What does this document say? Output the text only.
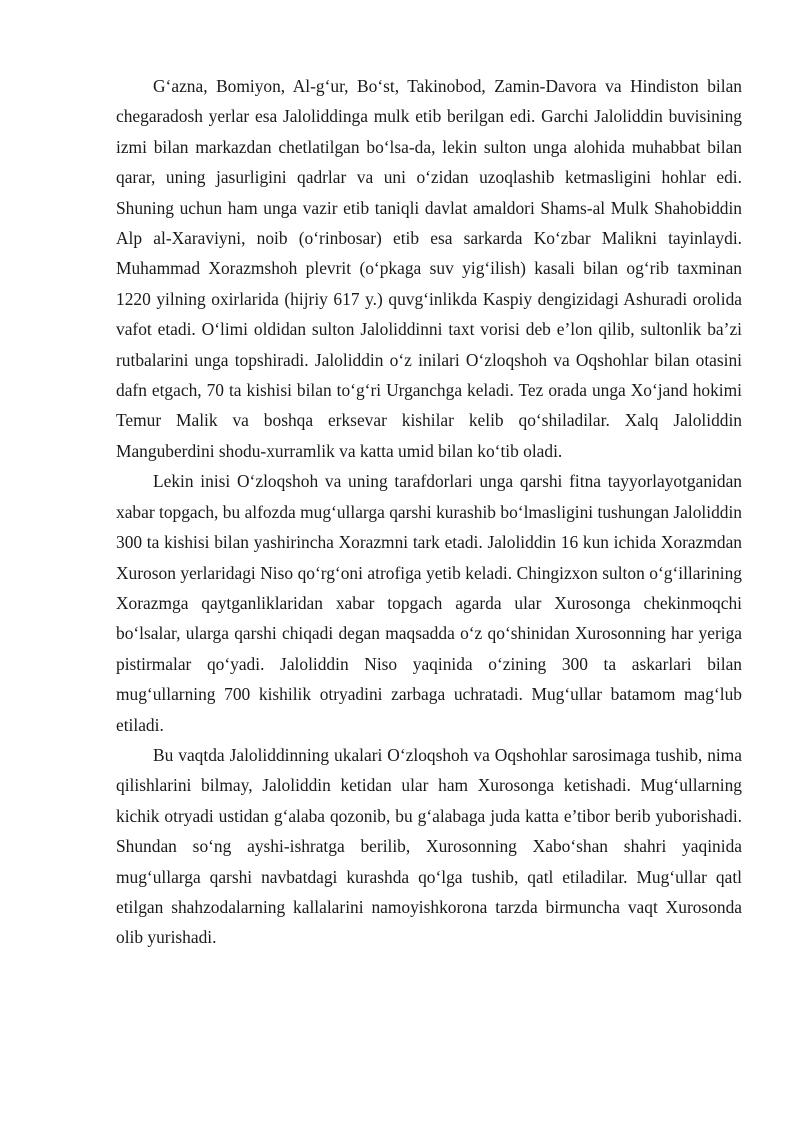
G‘azna, Bomiyon, Al-g‘ur, Bo‘st, Takinobod, Zamin-Davora va Hindiston bilan chegaradosh yerlar esa Jaloliddinga mulk etib berilgan edi. Garchi Jaloliddin buvisining izmi bilan markazdan chetlatilgan bo‘lsa-da, lekin sulton unga alohida muhabbat bilan qarar, uning jasurligini qadrlar va uni o‘zidan uzoqlashib ketmasligini hohlar edi. Shuning uchun ham unga vazir etib taniqli davlat amaldori Shams-al Mulk Shahobiddin Alp al-Xaraviyni, noib (o‘rinbosar) etib esa sarkarda Ko‘zbar Malikni tayinlaydi. Muhammad Xorazmshoh plevrit (o‘pkaga suv yig‘ilish) kasali bilan og‘rib taxminan 1220 yilning oxirlarida (hijriy 617 y.) quvg‘inlikda Kaspiy dengizidagi Ashuradi orolida vafot etadi. O‘limi oldidan sulton Jaloliddinni taxt vorisi deb e’lon qilib, sultonlik ba’zi rutbalarini unga topshiradi. Jaloliddin o‘z inilari O‘zloqshoh va Oqshohlar bilan otasini dafn etgach, 70 ta kishisi bilan to‘g‘ri Urganchga keladi. Tez orada unga Xo‘jand hokimi Temur Malik va boshqa erksevar kishilar kelib qo‘shiladilar. Xalq Jaloliddin Manguberdini shodu-xurramlik va katta umid bilan ko‘tib oladi.

Lekin inisi O‘zloqshoh va uning tarafdorlari unga qarshi fitna tayyorlayotganidan xabar topgach, bu alfozda mug‘ullarga qarshi kurashib bo‘lmasligini tushungan Jaloliddin 300 ta kishisi bilan yashirincha Xorazmni tark etadi. Jaloliddin 16 kun ichida Xorazmdan Xuroson yerlaridagi Niso qo‘rg‘oni atrofiga yetib keladi. Chingizxon sulton o‘g‘illarining Xorazmga qaytganliklaridan xabar topgach agarda ular Xurosonga chekinmoqchi bo‘lsalar, ularga qarshi chiqadi degan maqsadda o‘z qo‘shinidan Xurosonning har yeriga pistirmalar qo‘yadi. Jaloliddin Niso yaqinida o‘zining 300 ta askarlari bilan mug‘ullarning 700 kishilik otryadini zarbaga uchratadi. Mug‘ullar batamom mag‘lub etiladi.

Bu vaqtda Jaloliddinning ukalari O‘zloqshoh va Oqshohlar sarosimaga tushib, nima qilishlarini bilmay, Jaloliddin ketidan ular ham Xurosonga ketishadi. Mug‘ullarning kichik otryadi ustidan g‘alaba qozonib, bu g‘alabaga juda katta e’tibor berib yuborishadi. Shundan so‘ng ayshi-ishratga berilib, Xurosonning Xabo‘shan shahri yaqinida mug‘ullarga qarshi navbatdagi kurashda qo‘lga tushib, qatl etiladilar. Mug‘ullar qatl etilgan shahzodalarning kallalarini namoyishkorona tarzda birmuncha vaqt Xurosonda olib yurishadi.
